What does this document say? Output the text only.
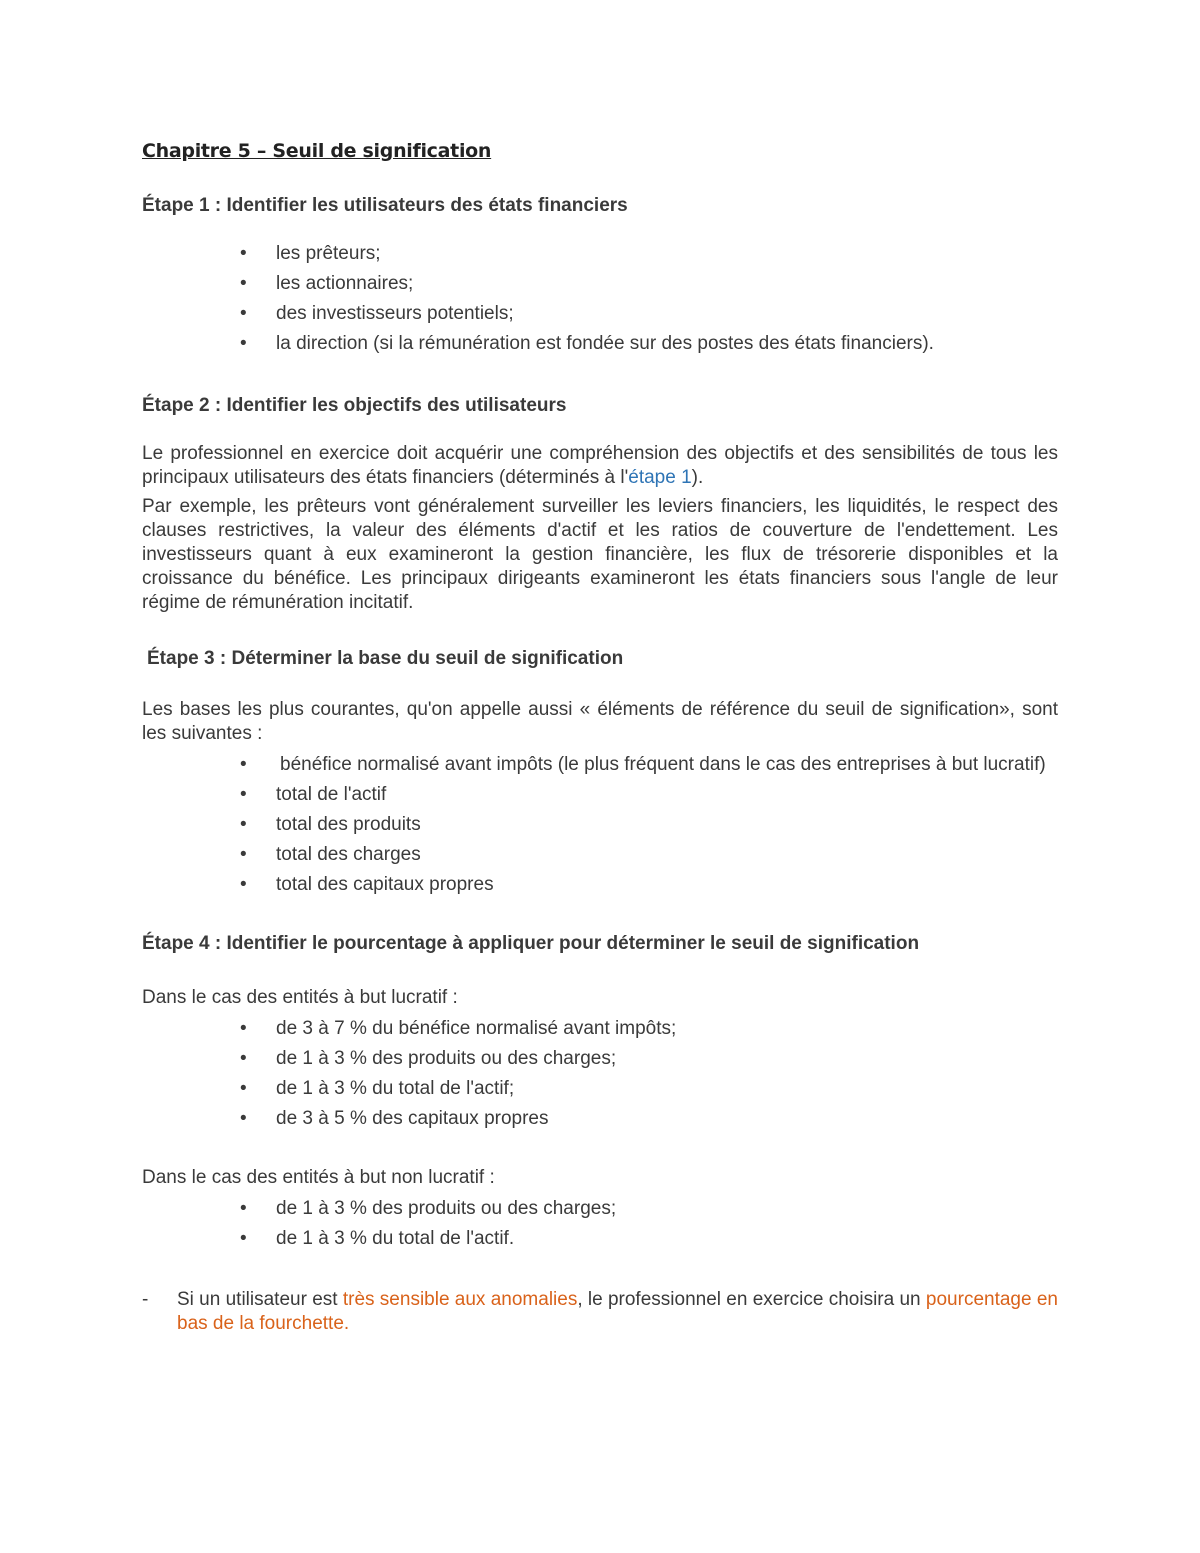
Chapitre 5 – Seuil de signification
Étape 1 : Identifier les utilisateurs des états financiers
• les prêteurs;
• les actionnaires;
• des investisseurs potentiels;
• la direction (si la rémunération est fondée sur des postes des états financiers).
Étape 2 : Identifier les objectifs des utilisateurs

Le professionnel en exercice doit acquérir une compréhension des objectifs et des sensibilités de tous les principaux utilisateurs des états financiers (déterminés à l'étape 1).

Par exemple, les prêteurs vont généralement surveiller les leviers financiers, les liquidités, le respect des clauses restrictives, la valeur des éléments d'actif et les ratios de couverture de l'endettement. Les investisseurs quant à eux examineront la gestion financière, les flux de trésorerie disponibles et la croissance du bénéfice. Les principaux dirigeants examineront les états financiers sous l'angle de leur régime de rémunération incitatif.

Étape 3 : Déterminer la base du seuil de signification

Les bases les plus courantes, qu'on appelle aussi « éléments de référence du seuil de signification», sont les suivantes :

• bénéfice normalisé avant impôts (le plus fréquent dans le cas des entreprises à but lucratif)
• total de l'actif
• total des produits
• total des charges
• total des capitaux propres
Étape 4 : Identifier le pourcentage à appliquer pour déterminer le seuil de signification

Dans le cas des entités à but lucratif :

• de 3 à 7 % du bénéfice normalisé avant impôts;
• de 1 à 3 % des produits ou des charges;
• de 1 à 3 % du total de l'actif;
• de 3 à 5 % des capitaux propres

Dans le cas des entités à but non lucratif :

• de 1 à 3 % des produits ou des charges;
• de 1 à 3 % du total de l'actif.
- Si un utilisateur est très sensible aux anomalies, le professionnel en exercice choisira un pourcentage en bas de la fourchette.
